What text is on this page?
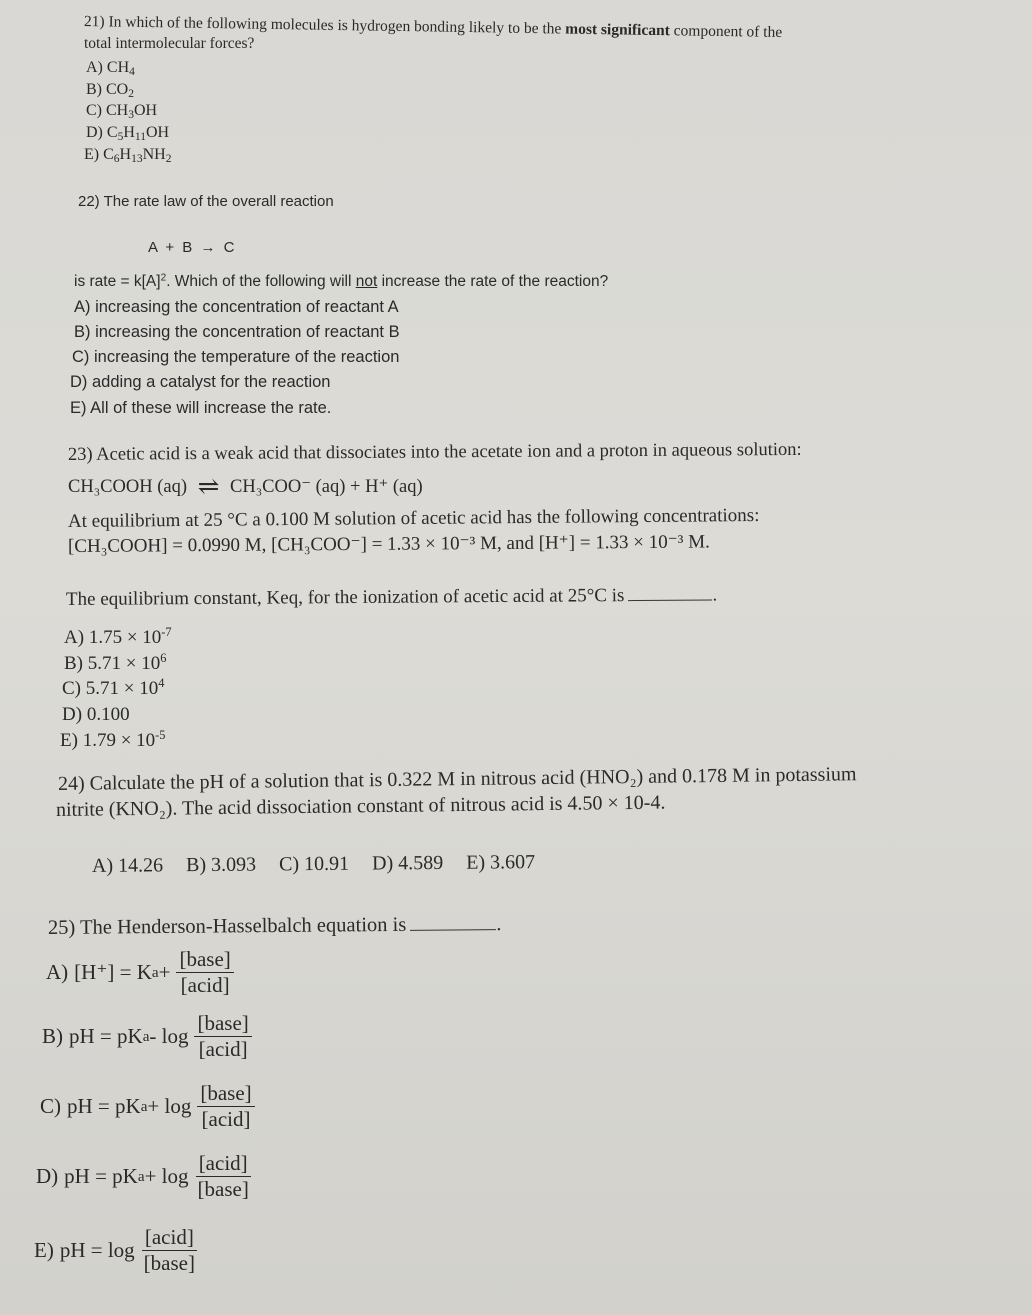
21) In which of the following molecules is hydrogen bonding likely to be the most significant component of the
total intermolecular forces?
A) $CH_4$
B) $CO_2$
C) $CH_3OH$
D) $C_5H_{11}OH$
E) $C_6H_{13}NH_2$
22) The rate law of the overall reaction
A + B → C
is rate = $k[A]^2$. Which of the following will not increase the rate of the reaction?
A) increasing the concentration of reactant A
B) increasing the concentration of reactant B
C) increasing the temperature of the reaction
D) adding a catalyst for the reaction
E) All of these will increase the rate.
23) Acetic acid is a weak acid that dissociates into the acetate ion and a proton in aqueous solution:
CH₃COOH (aq) ⇌ CH₃COO⁻ (aq) + H⁺ (aq)
At equilibrium at 25 °C a 0.100 M solution of acetic acid has the following concentrations:
[CH₃COOH] = 0.0990 M, [CH₃COO⁻] = 1.33 × 10⁻³ M, and [H⁺] = 1.33 × 10⁻³ M.
The equilibrium constant, Keq, for the ionization of acetic acid at 25°C is	.
A) $1.75 \times 10^{-7}$
B) $5.71 \times 10^6$
C) $5.71 \times 10^4$
D) 0.100
E) $1.79 \times 10^{-5}$
24) Calculate the pH of a solution that is 0.322 M in nitrous acid (HNO₂) and 0.178 M in potassium
nitrite (KNO₂). The acid dissociation constant of nitrous acid is 4.50 × 10-4.
A) 14.26 B) 3.093 C) 10.91 D) 4.589 E) 3.607
25) The Henderson-Hasselbalch equation is	.
A) [H⁺] = K $a + \frac{\text{[base]}}{\text{[acid]}}$
B) pH = pK a - $\log \frac{\text{[base]}}{\text{[acid]}}$
C) pH = pK $a + \log \frac{\text{[base]}}{\text{[acid]}}$
D) pH = pK $a + \log \frac{\text{[acid]}}{\text{[base]}}$
E) pH = $\log \frac{\text{[acid]}}{\text{[base]}}$
